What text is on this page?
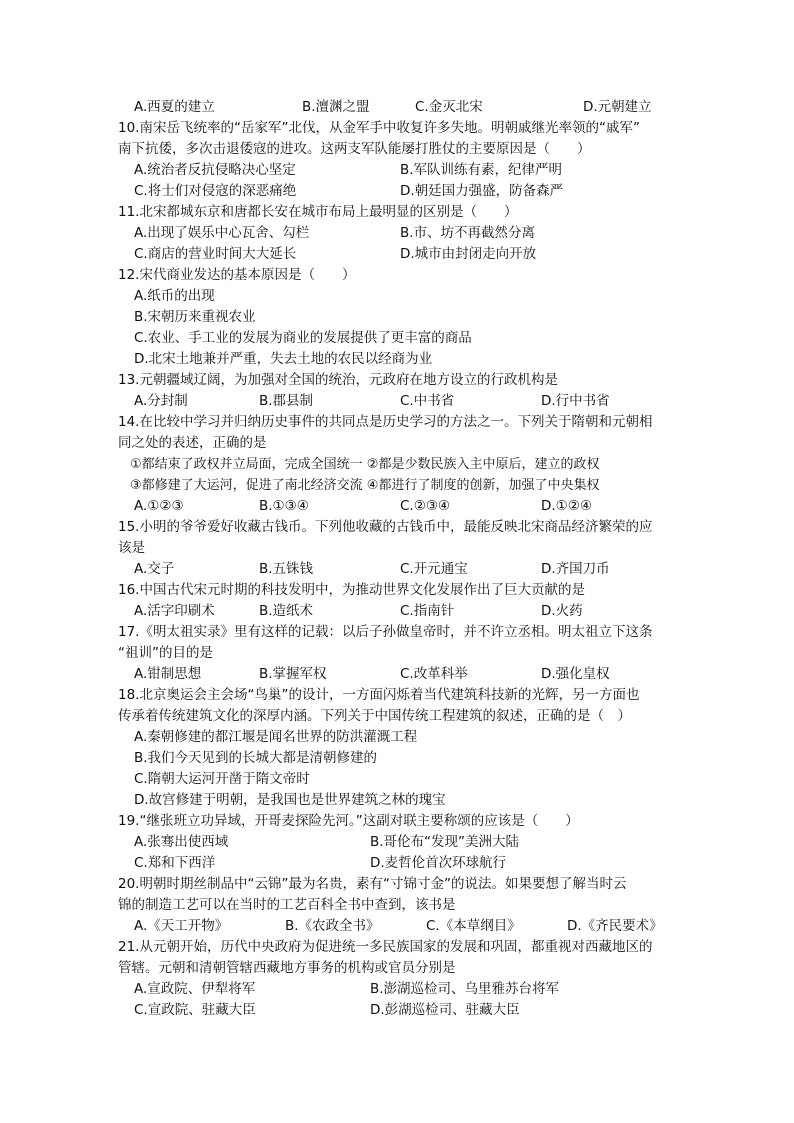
A.西夏的建立	B.澶渊之盟	C.金灭北宋	D.元朝建立
10.南宋岳飞统率的“岳家军”北伐，从金军手中收复许多失地。明朝戚继光率领的“戚军”
南下抗倭，多次击退倭寇的进攻。这两支军队能屡打胜仗的主要原因是（　　）
A.统治者反抗侵略决心坚定	B.军队训练有素，纪律严明
C.将士们对侵寇的深恶痛绝	D.朝廷国力强盛，防备森严
11.北宋都城东京和唐都长安在城市布局上最明显的区别是（　　）
A.出现了娱乐中心瓦舍、勾栏	B.市、坊不再截然分离
C.商店的营业时间大大延长	D.城市由封闭走向开放
12.宋代商业发达的基本原因是（　　）
A.纸币的出现
B.宋朝历来重视农业
C.农业、手工业的发展为商业的发展提供了更丰富的商品
D.北宋土地兼并严重，失去土地的农民以经商为业
13.元朝疆域辽阔，为加强对全国的统治，元政府在地方设立的行政机构是
A.分封制	B.郡县制	C.中书省	D.行中书省
14.在比较中学习并归纳历史事件的共同点是历史学习的方法之一。下列关于隋朝和元朝相
同之处的表述，正确的是
①都结束了政权并立局面，完成全国统一 ②都是少数民族入主中原后，建立的政权
③都修建了大运河，促进了南北经济交流 ④都进行了制度的创新，加强了中央集权
A.①②③	B.①③④	C.②③④	D.①②④
15.小明的爷爷爱好收藏古钱币。下列他收藏的古钱币中，最能反映北宋商品经济繁荣的应
该是
A.交子	B.五铢钱	C.开元通宝	D.齐国刀币
16.中国古代宋元时期的科技发明中，为推动世界文化发展作出了巨大贡献的是
A.活字印刷术	B.造纸术	C.指南针	D.火药
17.《明太祖实录》里有这样的记载：以后子孙做皇帝时，并不许立丞相。明太祖立下这条
“祖训”的目的是
A.钳制思想	B.掌握军权	C.改革科举	D.强化皇权
18.北京奥运会主会场“鸟巢”的设计，一方面闪烁着当代建筑科技新的光辉，另一方面也
传承着传统建筑文化的深厚内涵。下列关于中国传统工程建筑的叙述，正确的是（　）
A.秦朝修建的都江堰是闻名世界的防洪灌溉工程
B.我们今天见到的长城大都是清朝修建的
C.隋朝大运河开凿于隋文帝时
D.故宫修建于明朝，是我国也是世界建筑之林的瑰宝
19.“继张班立功异域，开哥麦探险先河。”这副对联主要称颂的应该是（　　）
A.张骞出使西域	B.哥伦布“发现”美洲大陆
C.郑和下西洋	D.麦哲伦首次环球航行
20.明朝时期丝制品中“云锦”最为名贵，素有“寸锦寸金”的说法。如果要想了解当时云
锦的制造工艺可以在当时的工艺百科全书中查到，该书是
A.《天工开物》	B.《农政全书》	C.《本草纲目》	D.《齐民要术》
21.从元朝开始，历代中央政府为促进统一多民族国家的发展和巩固，都重视对西藏地区的
管辖。元朝和清朝管辖西藏地方事务的机构或官员分别是
A.宣政院、伊犁将军	B.澎湖巡检司、乌里雅苏台将军
C.宣政院、驻藏大臣	D.彭湖巡检司、驻藏大臣
